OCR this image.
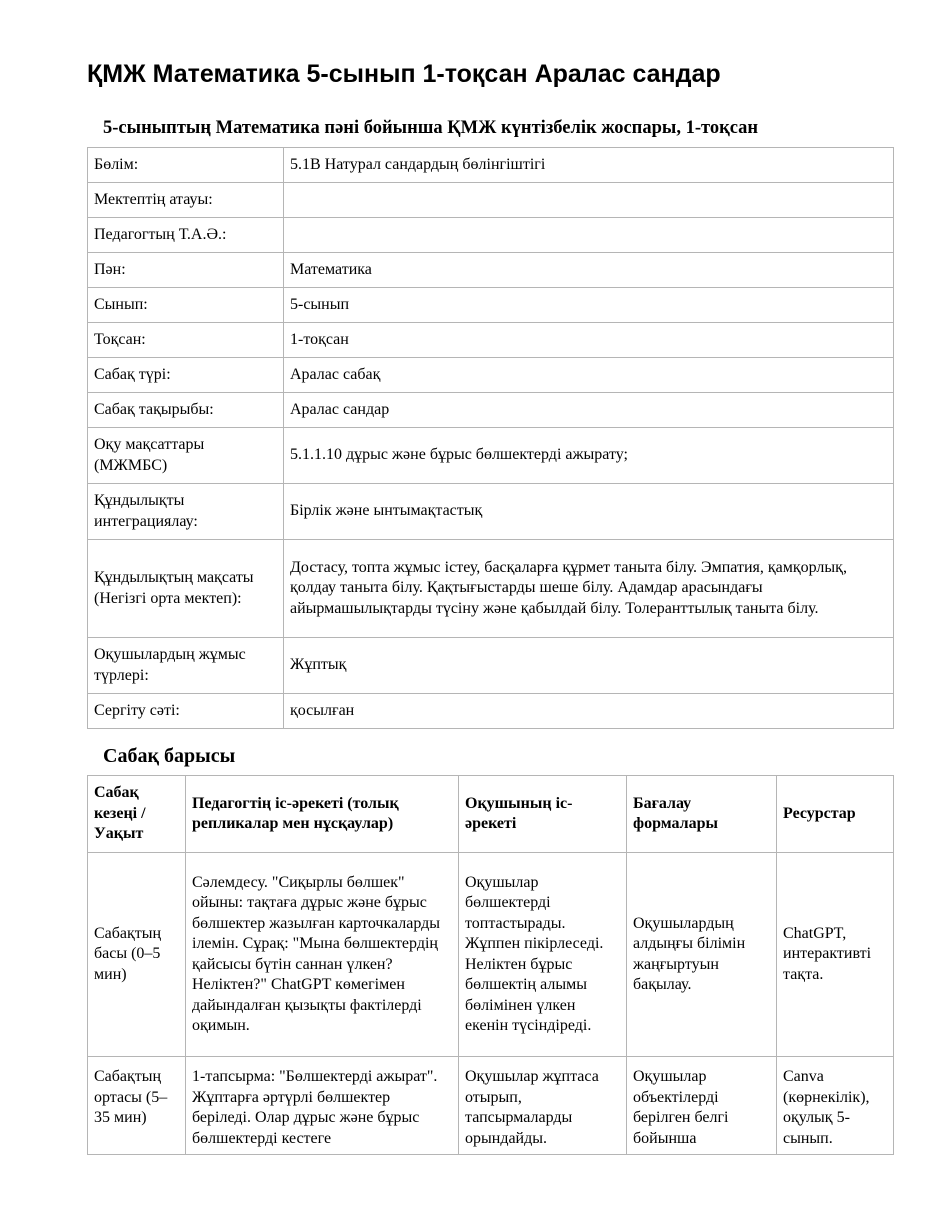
ҚМЖ Математика 5-сынып 1-тоқсан Аралас сандар
5-сыныптың Математика пәні бойынша ҚМЖ күнтізбелік жоспары, 1-тоқсан
Бөлім:	5.1В Натурал сандардың бөлінгіштігі
Мектептің атауы:	
Педагогтың Т.А.Ә.:	
Пән:	Математика
Сынып:	5-сынып
Тоқсан:	1-тоқсан
Сабақ түрі:	Аралас сабақ
Сабақ тақырыбы:	Аралас сандар
Оқу мақсаттары (МЖМБС)	5.1.1.10 дұрыс және бұрыс бөлшектерді ажырату;
Құндылықты интеграциялау:	Бірлік және ынтымақтастық
Құндылықтың мақсаты (Негізгі орта мектеп):	Достасу, топта жұмыс істеу, басқаларға құрмет таныта білу. Эмпатия, қамқорлық, қолдау таныта білу. Қақтығыстарды шеше білу. Адамдар арасындағы айырмашылықтарды түсіну және қабылдай білу. Толеранттылық таныта білу.
Оқушылардың жұмыс түрлері:	Жұптық
Сергіту сәті:	қосылған
Сабақ барысы
Сабақ кезеңі / Уақыт	Педагогтің іс-әрекеті (толық репликалар мен нұсқаулар)	Оқушының іс-әрекеті	Бағалау формалары	Ресурстар
Сабақтың басы (0–5 мин)	Сәлемдесу. "Сиқырлы бөлшек" ойыны: тақтаға дұрыс және бұрыс бөлшектер жазылған карточкаларды ілемін. Сұрақ: "Мына бөлшектердің қайсысы бүтін саннан үлкен? Неліктен?" ChatGPT көмегімен дайындалған қызықты фактілерді оқимын.	Оқушылар бөлшектерді топтастырады. Жұппен пікірлеседі. Неліктен бұрыс бөлшектің алымы бөлімінен үлкен екенін түсіндіреді.	Оқушылардың алдыңғы білімін жаңғыртуын бақылау.	ChatGPT, интерактивті тақта.
Сабақтың ортасы (5–35 мин)	1-тапсырма: "Бөлшектерді ажырат". Жұптарға әртүрлі бөлшектер беріледі. Олар дұрыс және бұрыс бөлшектерді кестеге	Оқушылар жұптаса отырып, тапсырмаларды орындайды.	Оқушылар объектілерді берілген белгі бойынша	Canva (көрнекілік), оқулық 5-сынып.
